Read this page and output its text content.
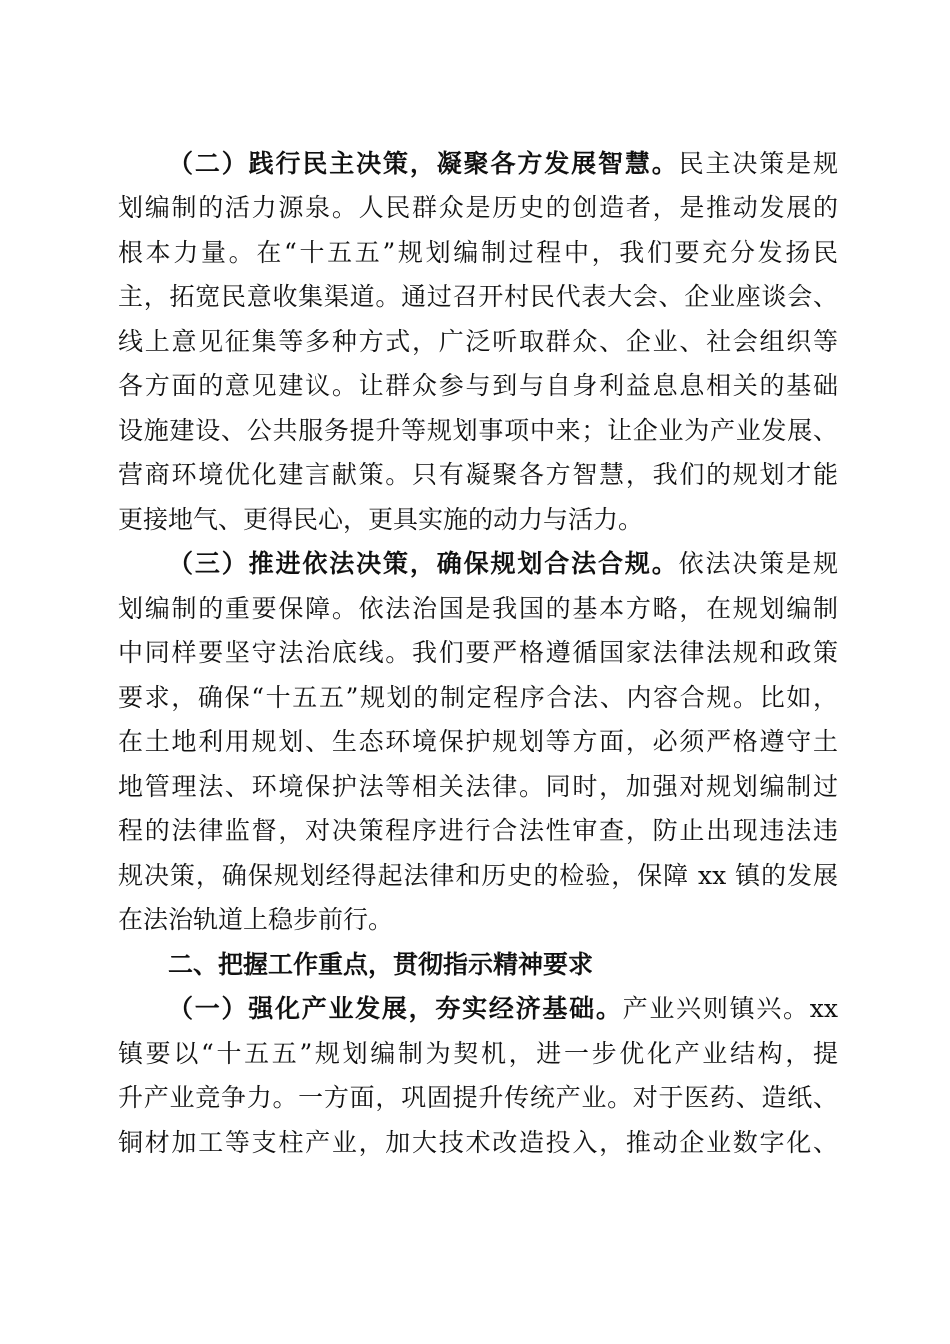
（二）践行民主决策，凝聚各方发展智慧。民主决策是规

划编制的活力源泉。人民群众是历史的创造者，是推动发展的

根本力量。在“十五五”规划编制过程中，我们要充分发扬民

主，拓宽民意收集渠道。通过召开村民代表大会、企业座谈会、

线上意见征集等多种方式，广泛听取群众、企业、社会组织等

各方面的意见建议。让群众参与到与自身利益息息相关的基础

设施建设、公共服务提升等规划事项中来；让企业为产业发展、

营商环境优化建言献策。只有凝聚各方智慧，我们的规划才能

更接地气、更得民心，更具实施的动力与活力。

（三）推进依法决策，确保规划合法合规。依法决策是规

划编制的重要保障。依法治国是我国的基本方略，在规划编制

中同样要坚守法治底线。我们要严格遵循国家法律法规和政策

要求，确保“十五五”规划的制定程序合法、内容合规。比如，

在土地利用规划、生态环境保护规划等方面，必须严格遵守土

地管理法、环境保护法等相关法律。同时，加强对规划编制过

程的法律监督，对决策程序进行合法性审查，防止出现违法违

规决策，确保规划经得起法律和历史的检验，保障 xx 镇的发展

在法治轨道上稳步前行。

二、把握工作重点，贯彻指示精神要求

（一）强化产业发展，夯实经济基础。产业兴则镇兴。xx

镇要以“十五五”规划编制为契机，进一步优化产业结构，提

升产业竞争力。一方面，巩固提升传统产业。对于医药、造纸、

铜材加工等支柱产业，加大技术改造投入，推动企业数字化、
